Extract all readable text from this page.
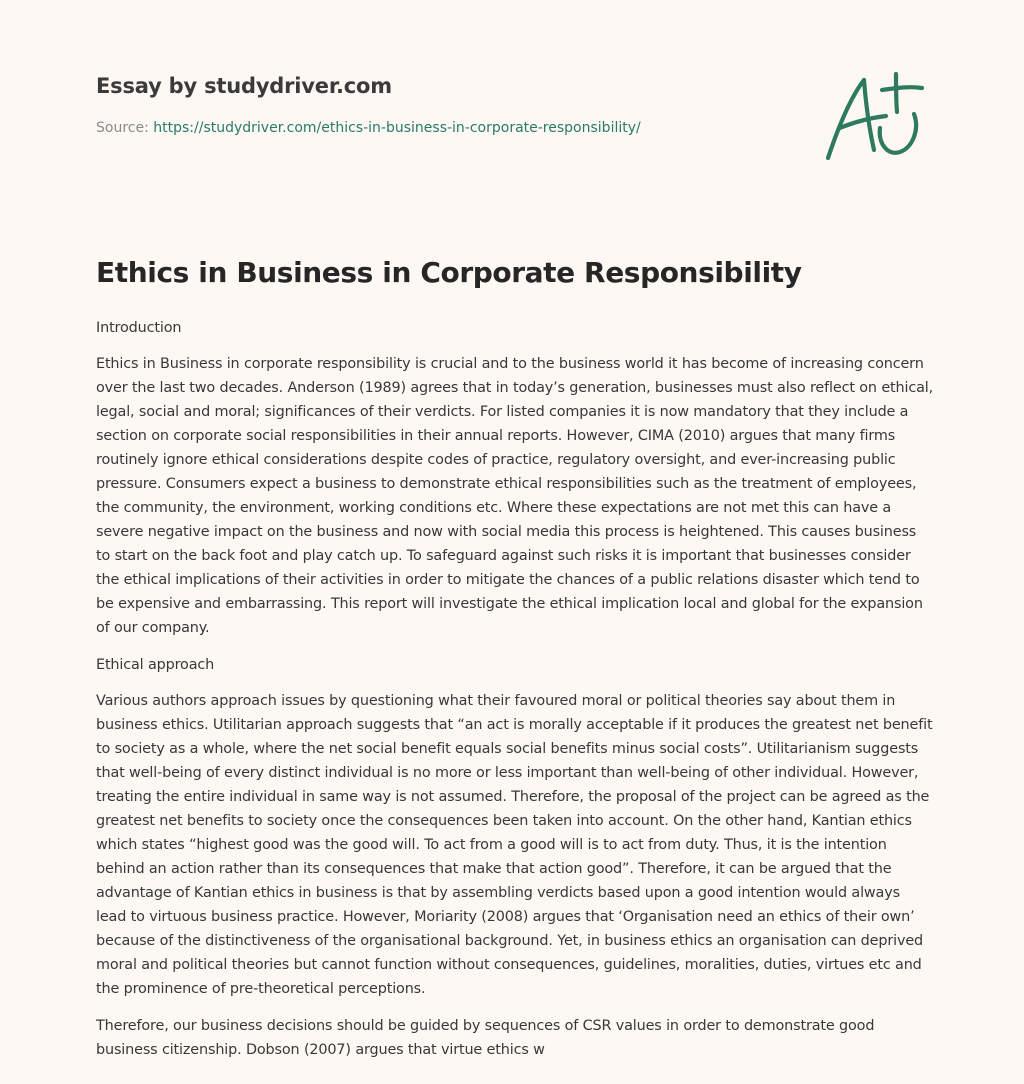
Essay by studydriver.com
Source: https://studydriver.com/ethics-in-business-in-corporate-responsibility/
Ethics in Business in Corporate Responsibility

Introduction

Ethics in Business in corporate responsibility is crucial and to the business world it has become of increasing concern over the last two decades. Anderson (1989) agrees that in today’s generation, businesses must also reflect on ethical, legal, social and moral; significances of their verdicts. For listed companies it is now mandatory that they include a section on corporate social responsibilities in their annual reports. However, CIMA (2010) argues that many firms routinely ignore ethical considerations despite codes of practice, regulatory oversight, and ever-increasing public pressure. Consumers expect a business to demonstrate ethical responsibilities such as the treatment of employees, the community, the environment, working conditions etc. Where these expectations are not met this can have a severe negative impact on the business and now with social media this process is heightened. This causes business to start on the back foot and play catch up. To safeguard against such risks it is important that businesses consider the ethical implications of their activities in order to mitigate the chances of a public relations disaster which tend to be expensive and embarrassing. This report will investigate the ethical implication local and global for the expansion of our company.

Ethical approach

Various authors approach issues by questioning what their favoured moral or political theories say about them in business ethics. Utilitarian approach suggests that “an act is morally acceptable if it produces the greatest net benefit to society as a whole, where the net social benefit equals social benefits minus social costs”. Utilitarianism suggests that well-being of every distinct individual is no more or less important than well-being of other individual. However, treating the entire individual in same way is not assumed. Therefore, the proposal of the project can be agreed as the greatest net benefits to society once the consequences been taken into account. On the other hand, Kantian ethics which states “highest good was the good will. To act from a good will is to act from duty. Thus, it is the intention behind an action rather than its consequences that make that action good”. Therefore, it can be argued that the advantage of Kantian ethics in business is that by assembling verdicts based upon a good intention would always lead to virtuous business practice. However, Moriarity (2008) argues that ‘Organisation need an ethics of their own’ because of the distinctiveness of the organisational background. Yet, in business ethics an organisation can deprived moral and political theories but cannot function without consequences, guidelines, moralities, duties, virtues etc and the prominence of pre-theoretical perceptions.

Therefore, our business decisions should be guided by sequences of CSR values in order to demonstrate good business citizenship. Dobson (2007) argues that virtue ethics w
